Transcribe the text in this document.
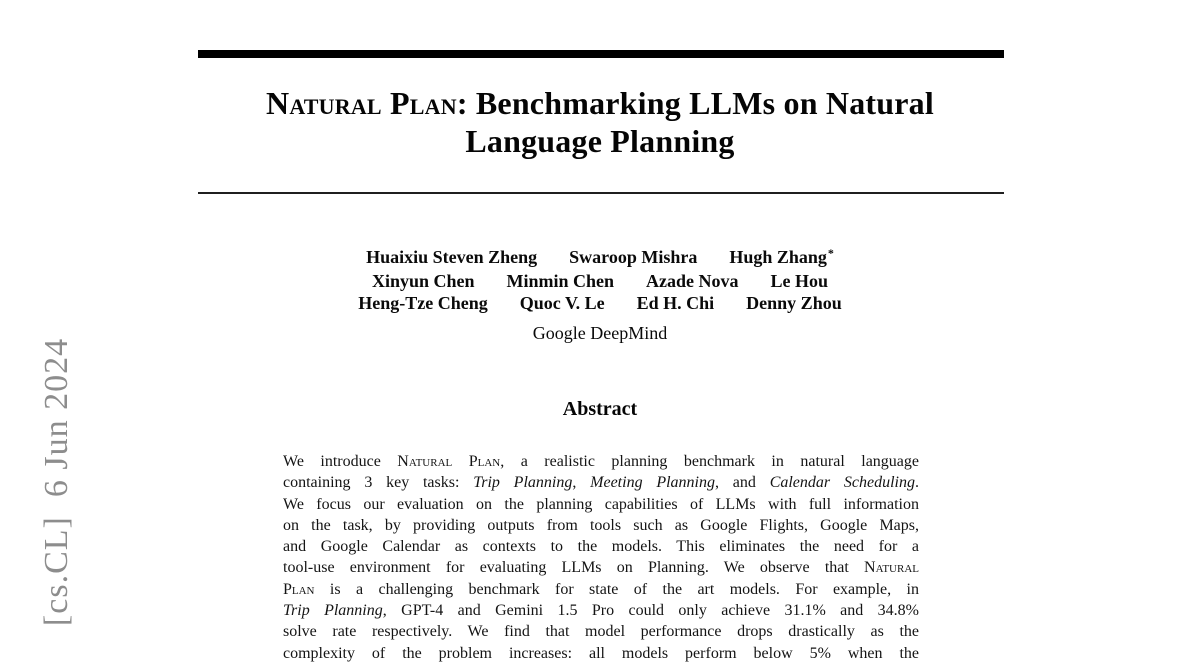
[cs.CL]  6 Jun 2024
Natural Plan: Benchmarking LLMs on Natural
Language Planning
Huaixiu Steven Zheng Swaroop Mishra Hugh Zhang*
Xinyun Chen Minmin Chen Azade Nova Le Hou
Heng-Tze Cheng Quoc V. Le Ed H. Chi Denny Zhou
Google DeepMind
Abstract
We introduce Natural Plan, a realistic planning benchmark in natural language
containing 3 key tasks: Trip Planning, Meeting Planning, and Calendar Scheduling.
We focus our evaluation on the planning capabilities of LLMs with full information
on the task, by providing outputs from tools such as Google Flights, Google Maps,
and Google Calendar as contexts to the models. This eliminates the need for a
tool-use environment for evaluating LLMs on Planning. We observe that Natural
Plan is a challenging benchmark for state of the art models. For example, in
Trip Planning, GPT-4 and Gemini 1.5 Pro could only achieve 31.1% and 34.8%
solve rate respectively. We find that model performance drops drastically as the
complexity of the problem increases: all models perform below 5% when the
